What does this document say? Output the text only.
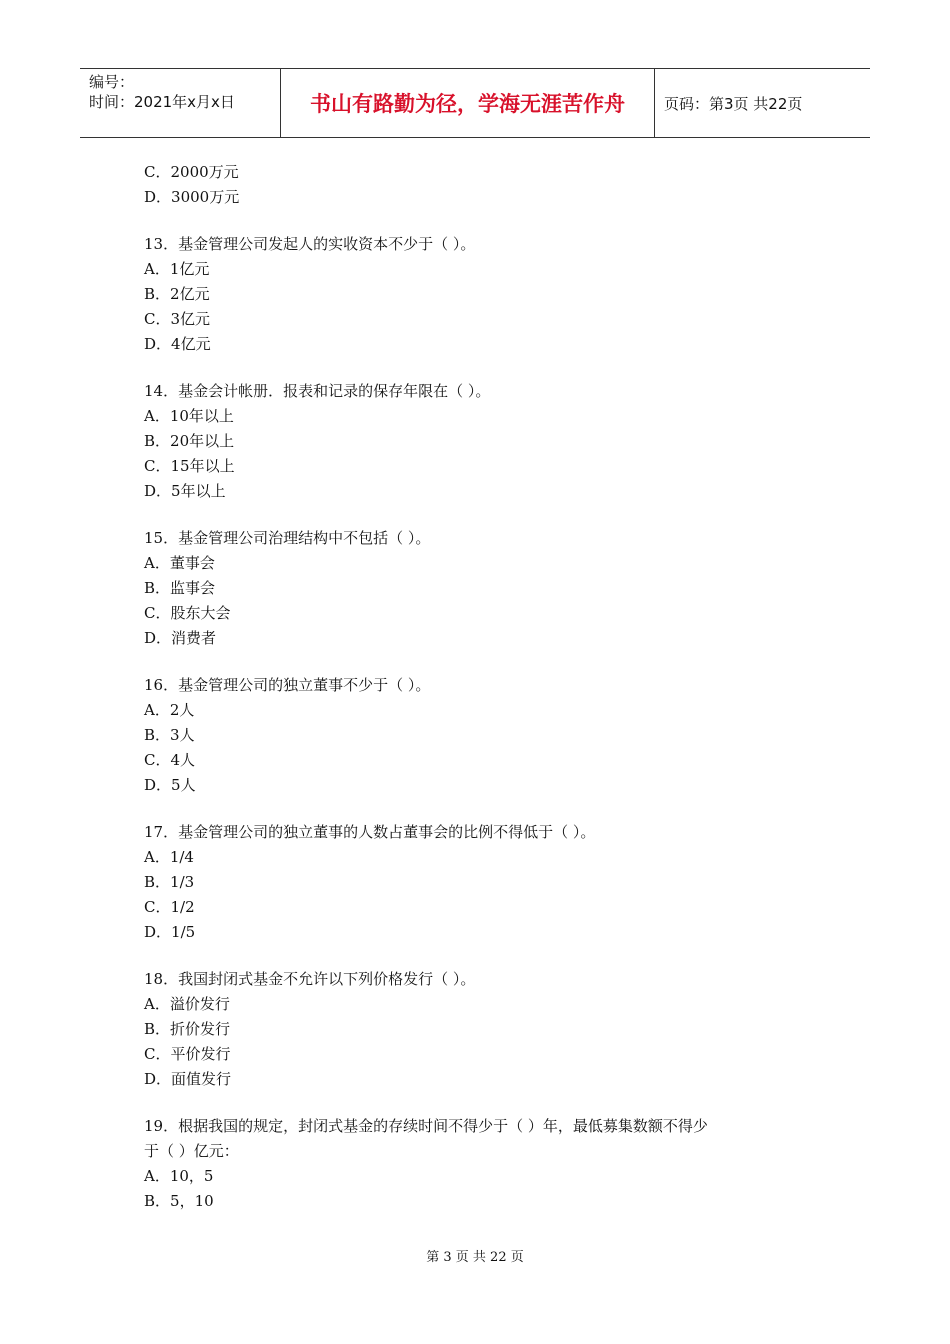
编号：
时间：2021年x月x日	书山有路勤为径，学海无涯苦作舟	页码：第3页 共22页
C．2000万元
D．3000万元
13．基金管理公司发起人的实收资本不少于（ ）。
A．1亿元
B．2亿元
C．3亿元
D．4亿元
14．基金会计帐册．报表和记录的保存年限在（ ）。
A．10年以上
B．20年以上
C．15年以上
D．5年以上
15．基金管理公司治理结构中不包括（ ）。
A．董事会
B．监事会
C．股东大会
D．消费者
16．基金管理公司的独立董事不少于（ ）。
A．2人
B．3人
C．4人
D．5人
17．基金管理公司的独立董事的人数占董事会的比例不得低于（ ）。
A．1/4
B．1/3
C．1/2
D．1/5
18．我国封闭式基金不允许以下列价格发行（ ）。
A．溢价发行
B．折价发行
C．平价发行
D．面值发行
19．根据我国的规定，封闭式基金的存续时间不得少于（ ）年，最低募集数额不得少
于（ ）亿元：
A．10，5
B．5，10
第 3 页 共 22 页
